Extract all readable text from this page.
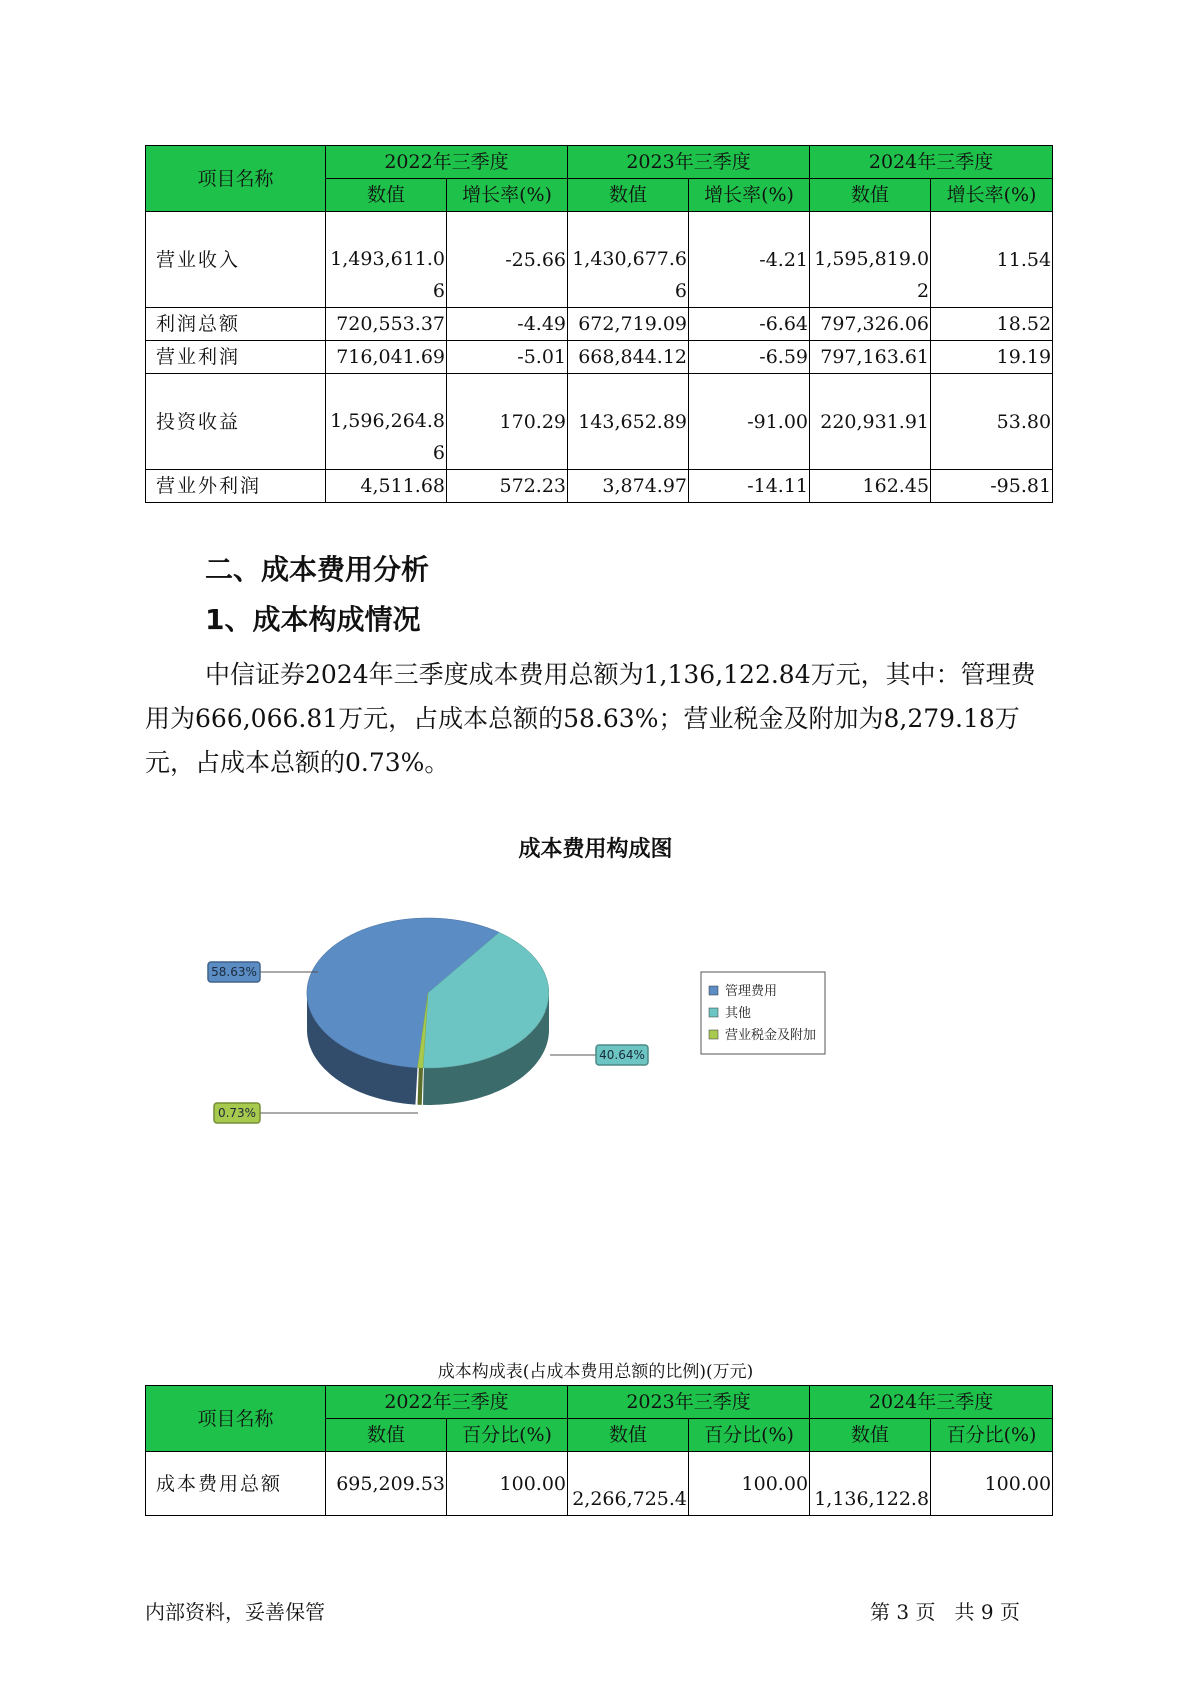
项目名称	2022年三季度		2023年三季度		2024年三季度	
	数值	增长率(%)	数值	增长率(%)	数值	增长率(%)
营业收入	1,493,611.06	-25.66	1,430,677.66	-4.21	1,595,819.02	11.54
利润总额	720,553.37	-4.49	672,719.09	-6.64	797,326.06	18.52
营业利润	716,041.69	-5.01	668,844.12	-6.59	797,163.61	19.19
投资收益	1,596,264.86	170.29	143,652.89	-91.00	220,931.91	53.80
营业外利润	4,511.68	572.23	3,874.97	-14.11	162.45	-95.81
二、成本费用分析
1、成本构成情况

中信证券2024年三季度成本费用总额为1,136,122.84万元，其中：管理费用为666,066.81万元，占成本总额的58.63%；营业税金及附加为8,279.18万元，占成本总额的0.73%。

成本费用构成图
58.63%
40.64%
0.73%
管理费用
其他
营业税金及附加
成本构成表(占成本费用总额的比例)(万元)
项目名称	2022年三季度		2023年三季度		2024年三季度	
	数值	百分比(%)	数值	百分比(%)	数值	百分比(%)
成本费用总额	695,209.53	100.00	2,266,725.4	100.00	1,136,122.8	100.00
内部资料，妥善保管	第 3 页   共 9 页
